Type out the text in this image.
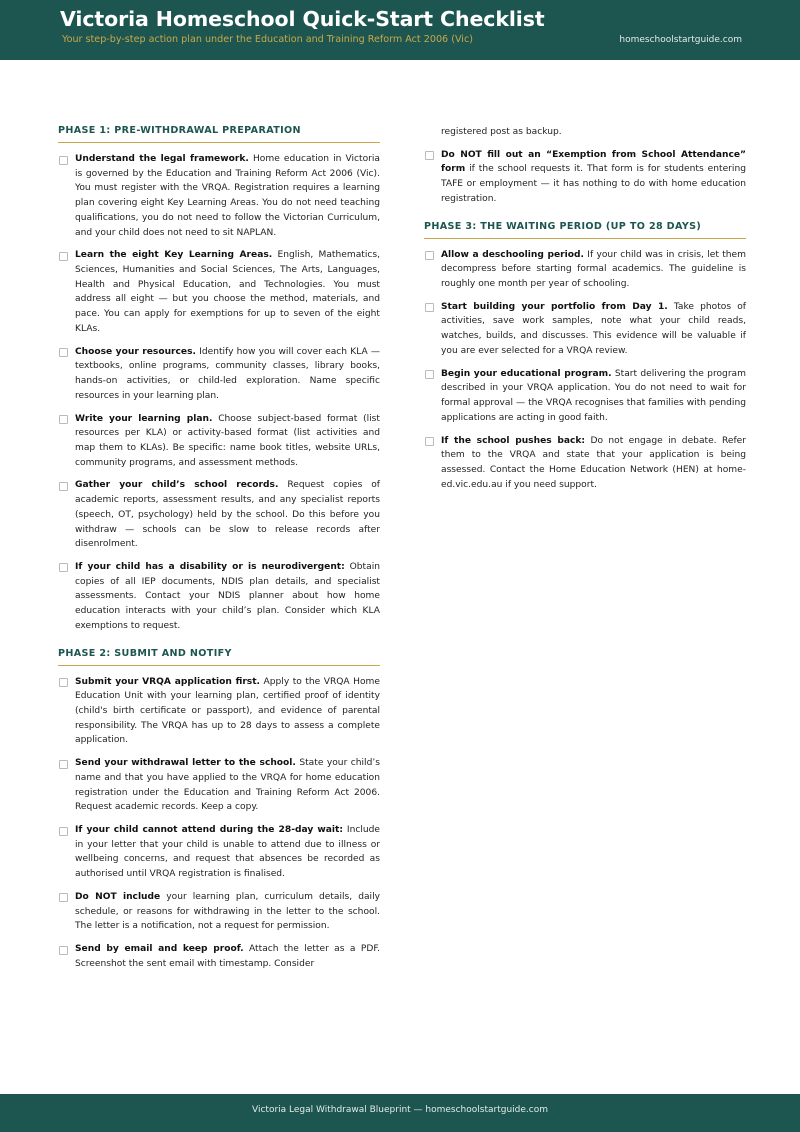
Victoria Homeschool Quick-Start Checklist
Your step-by-step action plan under the Education and Training Reform Act 2006 (Vic)	homeschoolstartguide.com
PHASE 1: PRE-WITHDRAWAL PREPARATION
Understand the legal framework. Home education in Victoria is governed by the Education and Training Reform Act 2006 (Vic). You must register with the VRQA. Registration requires a learning plan covering eight Key Learning Areas. You do not need teaching qualifications, you do not need to follow the Victorian Curriculum, and your child does not need to sit NAPLAN.
Learn the eight Key Learning Areas. English, Mathematics, Sciences, Humanities and Social Sciences, The Arts, Languages, Health and Physical Education, and Technologies. You must address all eight — but you choose the method, materials, and pace. You can apply for exemptions for up to seven of the eight KLAs.
Choose your resources. Identify how you will cover each KLA — textbooks, online programs, community classes, library books, hands-on activities, or child-led exploration. Name specific resources in your learning plan.
Write your learning plan. Choose subject-based format (list resources per KLA) or activity-based format (list activities and map them to KLAs). Be specific: name book titles, website URLs, community programs, and assessment methods.
Gather your child’s school records. Request copies of academic reports, assessment results, and any specialist reports (speech, OT, psychology) held by the school. Do this before you withdraw — schools can be slow to release records after disenrolment.
If your child has a disability or is neurodivergent: Obtain copies of all IEP documents, NDIS plan details, and specialist assessments. Contact your NDIS planner about how home education interacts with your child’s plan. Consider which KLA exemptions to request.
PHASE 2: SUBMIT AND NOTIFY
Submit your VRQA application first. Apply to the VRQA Home Education Unit with your learning plan, certified proof of identity (child's birth certificate or passport), and evidence of parental responsibility. The VRQA has up to 28 days to assess a complete application.
Send your withdrawal letter to the school. State your child’s name and that you have applied to the VRQA for home education registration under the Education and Training Reform Act 2006. Request academic records. Keep a copy.
If your child cannot attend during the 28-day wait: Include in your letter that your child is unable to attend due to illness or wellbeing concerns, and request that absences be recorded as authorised until VRQA registration is finalised.
Do NOT include your learning plan, curriculum details, daily schedule, or reasons for withdrawing in the letter to the school. The letter is a notification, not a request for permission.
Send by email and keep proof. Attach the letter as a PDF. Screenshot the sent email with timestamp. Consider
registered post as backup.
Do NOT fill out an “Exemption from School Attendance” form if the school requests it. That form is for students entering TAFE or employment — it has nothing to do with home education registration.
PHASE 3: THE WAITING PERIOD (UP TO 28 DAYS)
Allow a deschooling period. If your child was in crisis, let them decompress before starting formal academics. The guideline is roughly one month per year of schooling.
Start building your portfolio from Day 1. Take photos of activities, save work samples, note what your child reads, watches, builds, and discusses. This evidence will be valuable if you are ever selected for a VRQA review.
Begin your educational program. Start delivering the program described in your VRQA application. You do not need to wait for formal approval — the VRQA recognises that families with pending applications are acting in good faith.
If the school pushes back: Do not engage in debate. Refer them to the VRQA and state that your application is being assessed. Contact the Home Education Network (HEN) at home-ed.vic.edu.au if you need support.
Victoria Legal Withdrawal Blueprint — homeschoolstartguide.com
